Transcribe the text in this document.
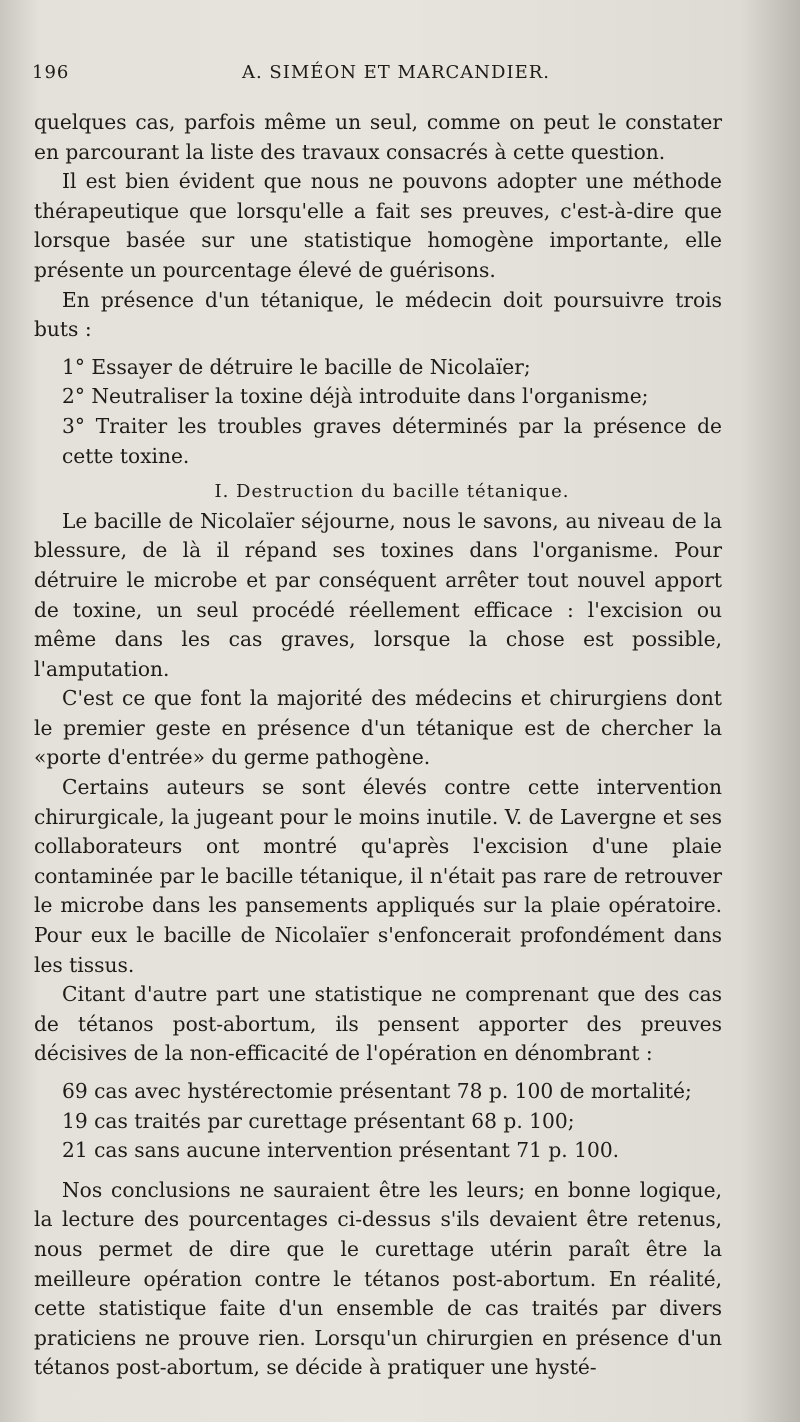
196	A. SIMÉON ET MARCANDIER.

quelques cas, parfois même un seul, comme on peut le constater en parcourant la liste des travaux consacrés à cette question.

Il est bien évident que nous ne pouvons adopter une méthode thérapeutique que lorsqu'elle a fait ses preuves, c'est-à-dire que lorsque basée sur une statistique homogène importante, elle présente un pourcentage élevé de guérisons.

En présence d'un tétanique, le médecin doit poursuivre trois buts :

1° Essayer de détruire le bacille de Nicolaïer;

2° Neutraliser la toxine déjà introduite dans l'organisme;

3° Traiter les troubles graves déterminés par la présence de cette toxine.

I. Destruction du bacille tétanique.

Le bacille de Nicolaïer séjourne, nous le savons, au niveau de la blessure, de là il répand ses toxines dans l'organisme. Pour détruire le microbe et par conséquent arrêter tout nouvel apport de toxine, un seul procédé réellement efficace : l'excision ou même dans les cas graves, lorsque la chose est possible, l'amputation.

C'est ce que font la majorité des médecins et chirurgiens dont le premier geste en présence d'un tétanique est de chercher la «porte d'entrée» du germe pathogène.

Certains auteurs se sont élevés contre cette intervention chirurgicale, la jugeant pour le moins inutile. V. de Lavergne et ses collaborateurs ont montré qu'après l'excision d'une plaie contaminée par le bacille tétanique, il n'était pas rare de retrouver le microbe dans les pansements appliqués sur la plaie opératoire. Pour eux le bacille de Nicolaïer s'enfoncerait profondément dans les tissus.

Citant d'autre part une statistique ne comprenant que des cas de tétanos post-abortum, ils pensent apporter des preuves décisives de la non-efficacité de l'opération en dénombrant :

69 cas avec hystérectomie présentant 78 p. 100 de mortalité;

19 cas traités par curettage présentant 68 p. 100;

21 cas sans aucune intervention présentant 71 p. 100.

Nos conclusions ne sauraient être les leurs; en bonne logique, la lecture des pourcentages ci-dessus s'ils devaient être retenus, nous permet de dire que le curettage utérin paraît être la meilleure opération contre le tétanos post-abortum. En réalité, cette statistique faite d'un ensemble de cas traités par divers praticiens ne prouve rien. Lorsqu'un chirurgien en présence d'un tétanos post-abortum, se décide à pratiquer une hysté-
